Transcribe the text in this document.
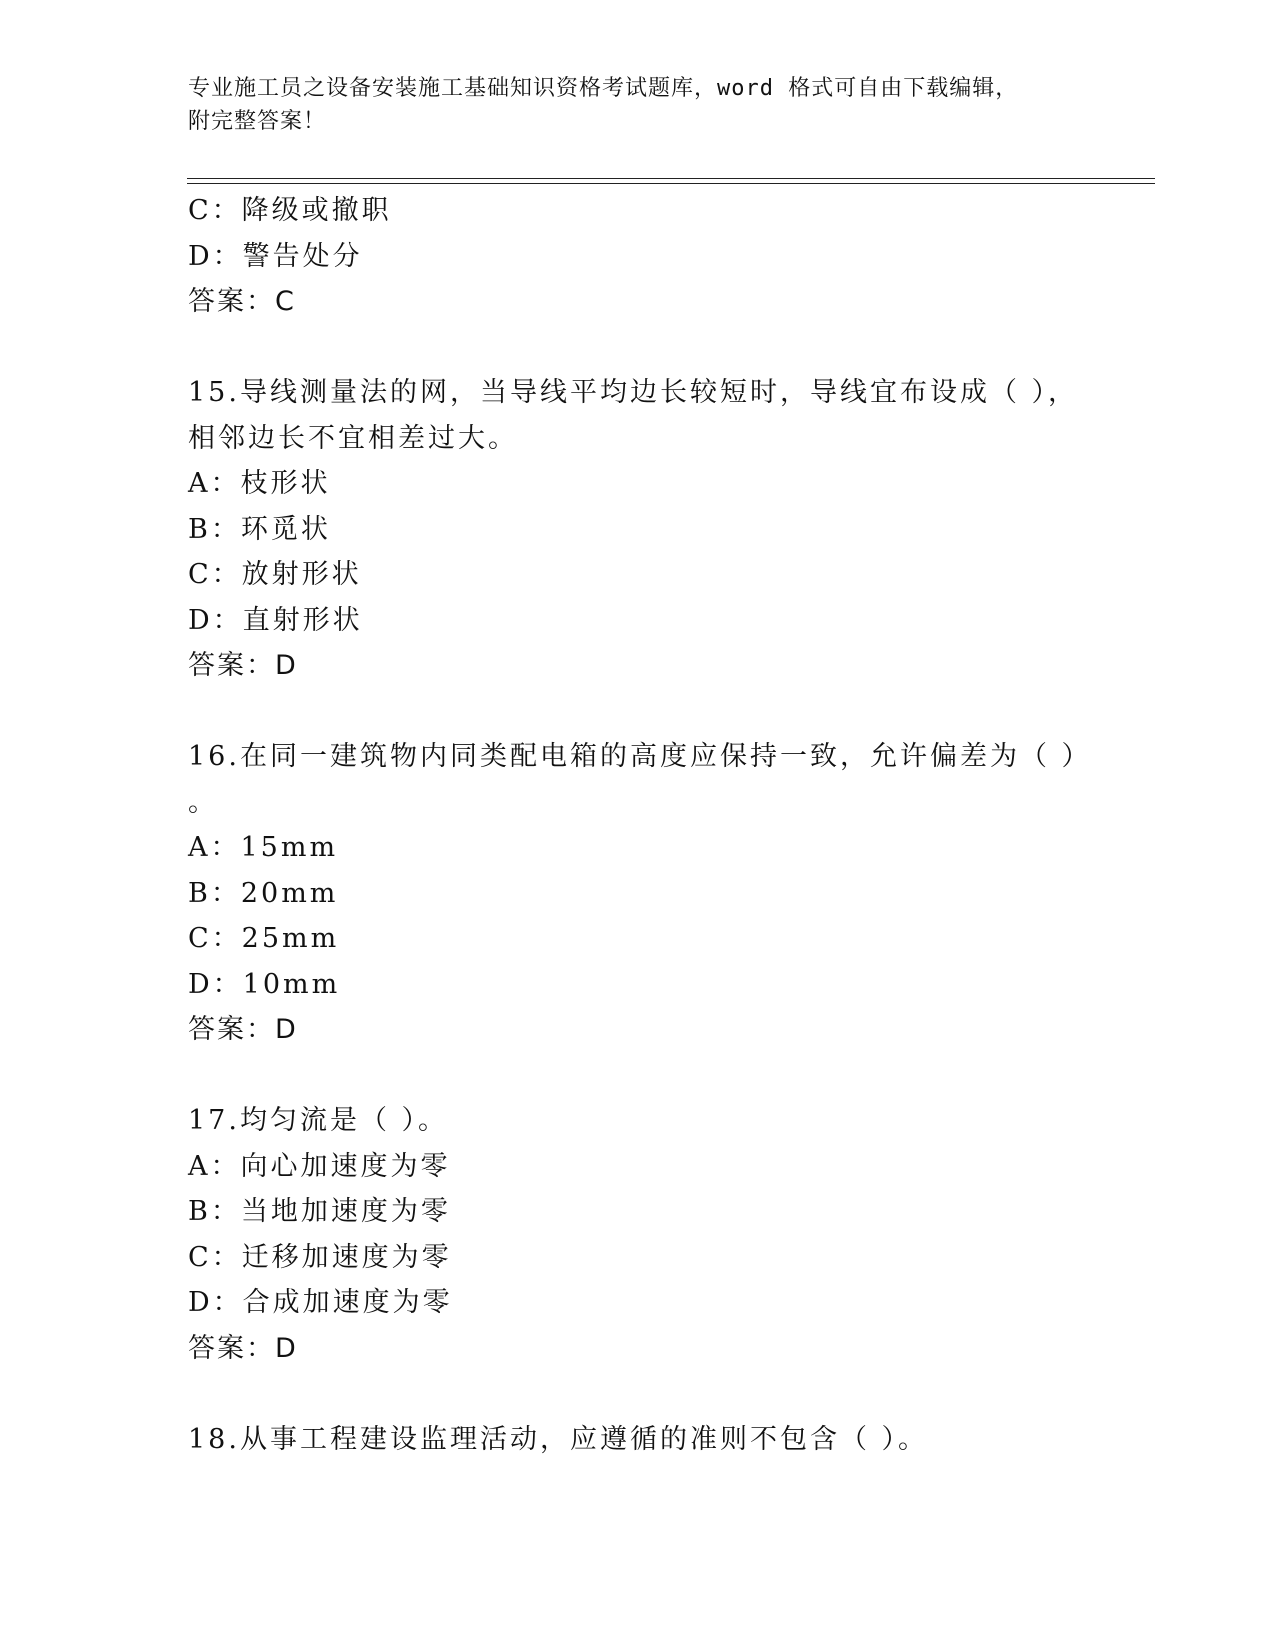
专业施工员之设备安装施工基础知识资格考试题库，word 格式可自由下载编辑，
附完整答案！
C：降级或撤职
D：警告处分
答案：C
15.导线测量法的网，当导线平均边长较短时，导线宜布设成（ ），
相邻边长不宜相差过大。
A：枝形状
B：环觅状
C：放射形状
D：直射形状
答案：D
16.在同一建筑物内同类配电箱的高度应保持一致，允许偏差为（ ）
。
A：15mm
B：20mm
C：25mm
D：10mm
答案：D
17.均匀流是（ ）。
A：向心加速度为零
B：当地加速度为零
C：迁移加速度为零
D：合成加速度为零
答案：D
18.从事工程建设监理活动，应遵循的准则不包含（ ）。
